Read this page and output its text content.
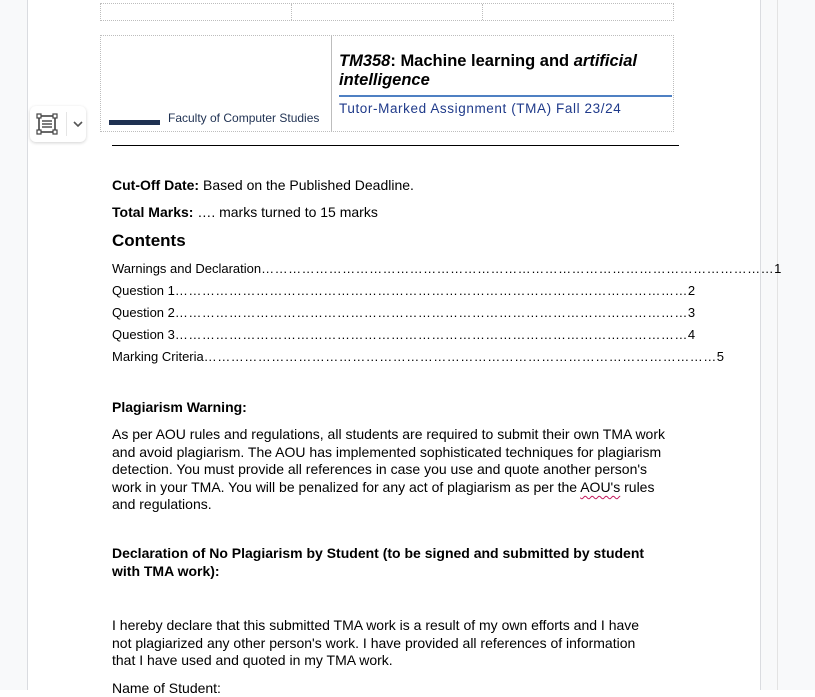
Faculty of Computer Studies
TM358: Machine learning and artificial intelligence
Tutor-Marked Assignment (TMA) Fall 23/24
Cut-Off Date: Based on the Published Deadline.
Total Marks: …. marks turned to 15 marks
Contents
Warnings and Declaration …………………………………………………………………………………………………… 1
Question 1 …………………………………………………………………………………………………… 2
Question 2 …………………………………………………………………………………………………… 3
Question 3 …………………………………………………………………………………………………… 4
Marking Criteria …………………………………………………………………………………………………… 5
Plagiarism Warning:
As per AOU rules and regulations, all students are required to submit their own TMA work and avoid plagiarism. The AOU has implemented sophisticated techniques for plagiarism detection. You must provide all references in case you use and quote another person's work in your TMA. You will be penalized for any act of plagiarism as per the AOU's rules and regulations.
Declaration of No Plagiarism by Student (to be signed and submitted by student with TMA work):
I hereby declare that this submitted TMA work is a result of my own efforts and I have not plagiarized any other person's work. I have provided all references of information that I have used and quoted in my TMA work.
Name of Student:
